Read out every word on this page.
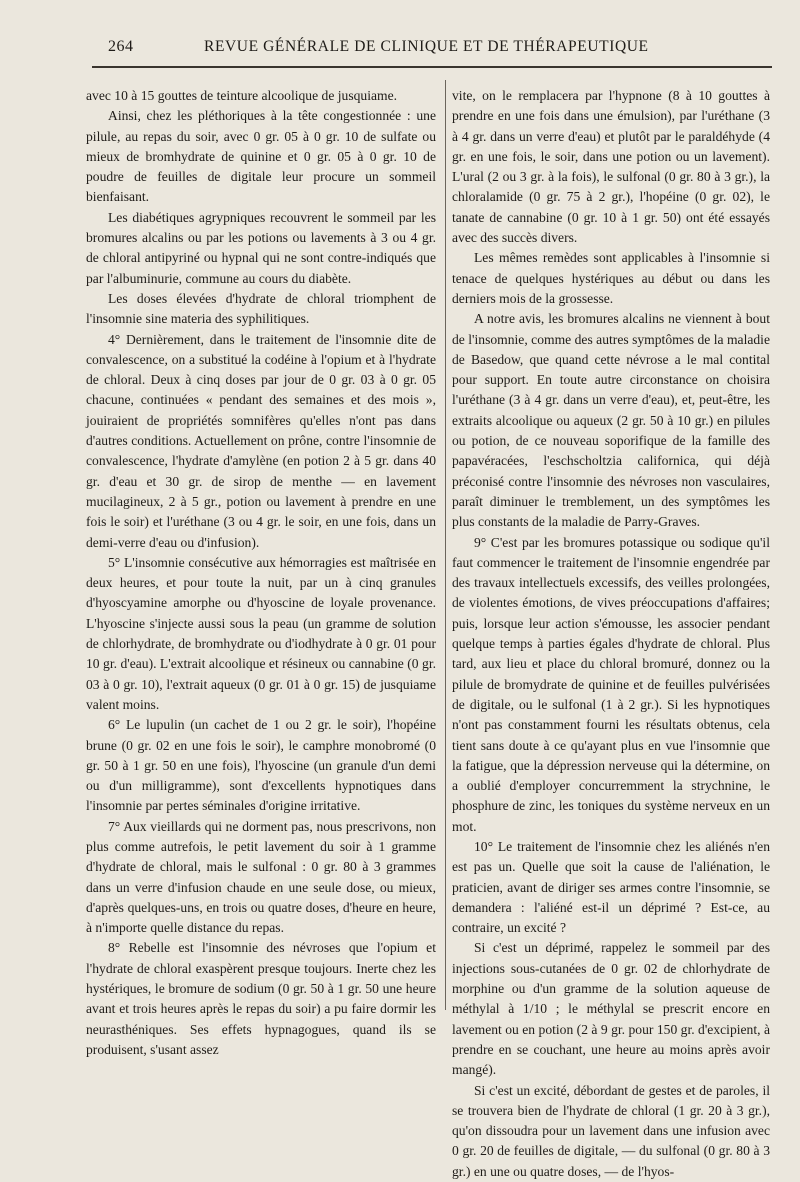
264	REVUE GÉNÉRALE DE CLINIQUE ET DE THÉRAPEUTIQUE

avec 10 à 15 gouttes de teinture alcoolique de jusquiame.

Ainsi, chez les pléthoriques à la tête congestionnée : une pilule, au repas du soir, avec 0 gr. 05 à 0 gr. 10 de sulfate ou mieux de bromhydrate de quinine et 0 gr. 05 à 0 gr. 10 de poudre de feuilles de digitale leur procure un sommeil bienfaisant.

Les diabétiques agrypniques recouvrent le sommeil par les bromures alcalins ou par les potions ou lavements à 3 ou 4 gr. de chloral antipyriné ou hypnal qui ne sont contre-indiqués que par l'albuminurie, commune au cours du diabète.

Les doses élevées d'hydrate de chloral triomphent de l'insomnie sine materia des syphilitiques.

4° Dernièrement, dans le traitement de l'insomnie dite de convalescence, on a substitué la codéine à l'opium et à l'hydrate de chloral. Deux à cinq doses par jour de 0 gr. 03 à 0 gr. 05 chacune, continuées « pendant des semaines et des mois », jouiraient de propriétés somnifères qu'elles n'ont pas dans d'autres conditions. Actuellement on prône, contre l'insomnie de convalescence, l'hydrate d'amylène (en potion 2 à 5 gr. dans 40 gr. d'eau et 30 gr. de sirop de menthe — en lavement mucilagineux, 2 à 5 gr., potion ou lavement à prendre en une fois le soir) et l'uréthane (3 ou 4 gr. le soir, en une fois, dans un demi-verre d'eau ou d'infusion).

5° L'insomnie consécutive aux hémorragies est maîtrisée en deux heures, et pour toute la nuit, par un à cinq granules d'hyoscyamine amorphe ou d'hyoscine de loyale provenance. L'hyoscine s'injecte aussi sous la peau (un gramme de solution de chlorhydrate, de bromhydrate ou d'iodhydrate à 0 gr. 01 pour 10 gr. d'eau). L'extrait alcoolique et résineux ou cannabine (0 gr. 03 à 0 gr. 10), l'extrait aqueux (0 gr. 01 à 0 gr. 15) de jusquiame valent moins.

6° Le lupulin (un cachet de 1 ou 2 gr. le soir), l'hopéine brune (0 gr. 02 en une fois le soir), le camphre monobromé (0 gr. 50 à 1 gr. 50 en une fois), l'hyoscine (un granule d'un demi ou d'un milligramme), sont d'excellents hypnotiques dans l'insomnie par pertes séminales d'origine irritative.

7° Aux vieillards qui ne dorment pas, nous prescrivons, non plus comme autrefois, le petit lavement du soir à 1 gramme d'hydrate de chloral, mais le sulfonal : 0 gr. 80 à 3 grammes dans un verre d'infusion chaude en une seule dose, ou mieux, d'après quelques-uns, en trois ou quatre doses, d'heure en heure, à n'importe quelle distance du repas.

8° Rebelle est l'insomnie des névroses que l'opium et l'hydrate de chloral exaspèrent presque toujours. Inerte chez les hystériques, le bromure de sodium (0 gr. 50 à 1 gr. 50 une heure avant et trois heures après le repas du soir) a pu faire dormir les neurasthéniques. Ses effets hypnagogues, quand ils se produisent, s'usant assez

vite, on le remplacera par l'hypnone (8 à 10 gouttes à prendre en une fois dans une émulsion), par l'uréthane (3 à 4 gr. dans un verre d'eau) et plutôt par le paraldéhyde (4 gr. en une fois, le soir, dans une potion ou un lavement). L'ural (2 ou 3 gr. à la fois), le sulfonal (0 gr. 80 à 3 gr.), la chloralamide (0 gr. 75 à 2 gr.), l'hopéine (0 gr. 02), le tanate de cannabine (0 gr. 10 à 1 gr. 50) ont été essayés avec des succès divers.

Les mêmes remèdes sont applicables à l'insomnie si tenace de quelques hystériques au début ou dans les derniers mois de la grossesse.

A notre avis, les bromures alcalins ne viennent à bout de l'insomnie, comme des autres symptômes de la maladie de Basedow, que quand cette névrose a le mal contital pour support. En toute autre circonstance on choisira l'uréthane (3 à 4 gr. dans un verre d'eau), et, peut-être, les extraits alcoolique ou aqueux (2 gr. 50 à 10 gr.) en pilules ou potion, de ce nouveau soporifique de la famille des papavéracées, l'eschscholtzia californica, qui déjà préconisé contre l'insomnie des névroses non vasculaires, paraît diminuer le tremblement, un des symptômes les plus constants de la maladie de Parry-Graves.

9° C'est par les bromures potassique ou sodique qu'il faut commencer le traitement de l'insomnie engendrée par des travaux intellectuels excessifs, des veilles prolongées, de violentes émotions, de vives préoccupations d'affaires; puis, lorsque leur action s'émousse, les associer pendant quelque temps à parties égales d'hydrate de chloral. Plus tard, aux lieu et place du chloral bromuré, donnez ou la pilule de bromydrate de quinine et de feuilles pulvérisées de digitale, ou le sulfonal (1 à 2 gr.). Si les hypnotiques n'ont pas constamment fourni les résultats obtenus, cela tient sans doute à ce qu'ayant plus en vue l'insomnie que la fatigue, que la dépression nerveuse qui la détermine, on a oublié d'employer concurremment la strychnine, le phosphure de zinc, les toniques du système nerveux en un mot.

10° Le traitement de l'insomnie chez les aliénés n'en est pas un. Quelle que soit la cause de l'aliénation, le praticien, avant de diriger ses armes contre l'insomnie, se demandera : l'aliéné est-il un déprimé ? Est-ce, au contraire, un excité ?

Si c'est un déprimé, rappelez le sommeil par des injections sous-cutanées de 0 gr. 02 de chlorhydrate de morphine ou d'un gramme de la solution aqueuse de méthylal à 1/10 ; le méthylal se prescrit encore en lavement ou en potion (2 à 9 gr. pour 150 gr. d'excipient, à prendre en se couchant, une heure au moins après avoir mangé).

Si c'est un excité, débordant de gestes et de paroles, il se trouvera bien de l'hydrate de chloral (1 gr. 20 à 3 gr.), qu'on dissoudra pour un lavement dans une infusion avec 0 gr. 20 de feuilles de digitale, — du sulfonal (0 gr. 80 à 3 gr.) en une ou quatre doses, — de l'hyos-
